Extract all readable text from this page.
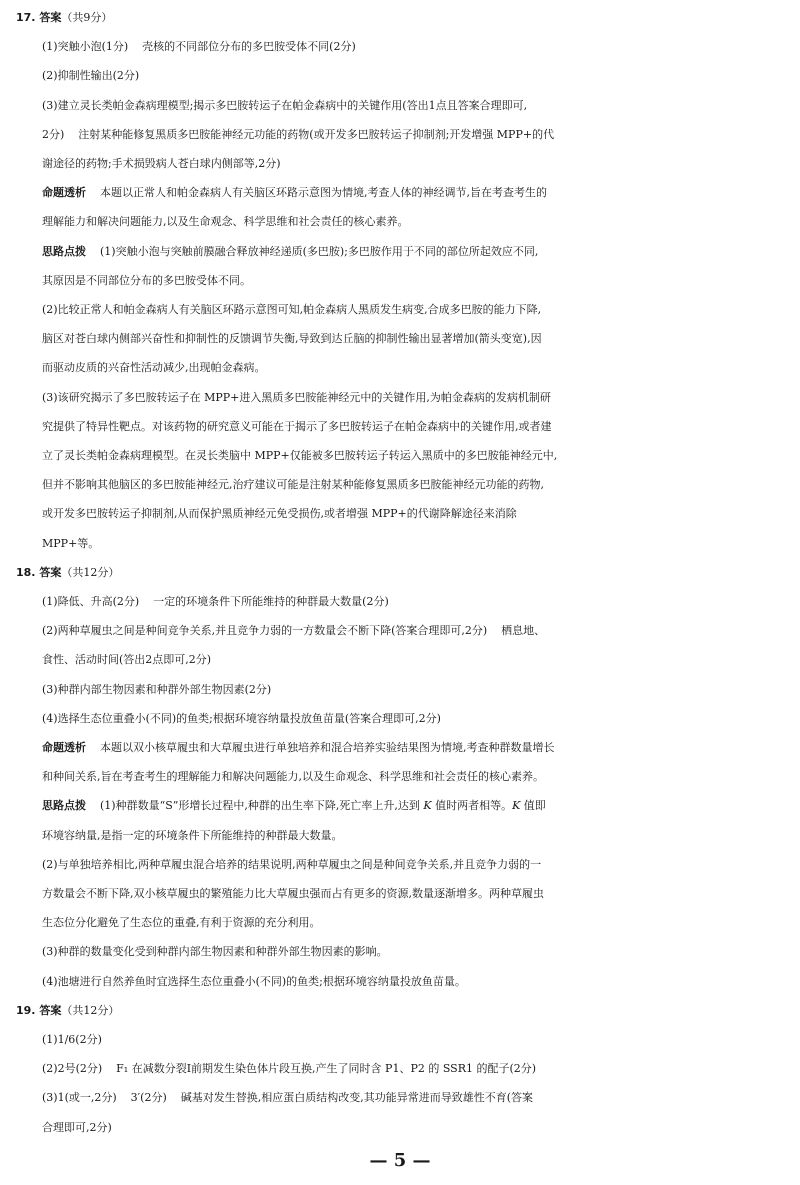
17. 答案（共9分）
(1)突触小泡(1分) 壳核的不同部位分布的多巴胺受体不同(2分)
(2)抑制性输出(2分)
(3)建立灵长类帕金森病理模型;揭示多巴胺转运子在帕金森病中的关键作用(答出1点且答案合理即可,
2分) 注射某种能修复黑质多巴胺能神经元功能的药物(或开发多巴胺转运子抑制剂;开发增强 MPP+的代
谢途径的药物;手术损毁病人苍白球内侧部等,2分)
命题透析 本题以正常人和帕金森病人有关脑区环路示意图为情境,考查人体的神经调节,旨在考查考生的
理解能力和解决问题能力,以及生命观念、科学思维和社会责任的核心素养。
思路点拨 (1)突触小泡与突触前膜融合释放神经递质(多巴胺);多巴胺作用于不同的部位所起效应不同,
其原因是不同部位分布的多巴胺受体不同。
(2)比较正常人和帕金森病人有关脑区环路示意图可知,帕金森病人黑质发生病变,合成多巴胺的能力下降,
脑区对苍白球内侧部兴奋性和抑制性的反馈调节失衡,导致到达丘脑的抑制性输出显著增加(箭头变宽),因
而驱动皮质的兴奋性活动减少,出现帕金森病。
(3)该研究揭示了多巴胺转运子在 MPP+进入黑质多巴胺能神经元中的关键作用,为帕金森病的发病机制研
究提供了特异性靶点。对该药物的研究意义可能在于揭示了多巴胺转运子在帕金森病中的关键作用,或者建
立了灵长类帕金森病理模型。在灵长类脑中 MPP+仅能被多巴胺转运子转运入黑质中的多巴胺能神经元中,
但并不影响其他脑区的多巴胺能神经元,治疗建议可能是注射某种能修复黑质多巴胺能神经元功能的药物,
或开发多巴胺转运子抑制剂,从而保护黑质神经元免受损伤,或者增强 MPP+的代谢降解途径来消除
MPP+等。
18. 答案（共12分）
(1)降低、升高(2分) 一定的环境条件下所能维持的种群最大数量(2分)
(2)两种草履虫之间是种间竞争关系,并且竞争力弱的一方数量会不断下降(答案合理即可,2分) 栖息地、
食性、活动时间(答出2点即可,2分)
(3)种群内部生物因素和种群外部生物因素(2分)
(4)选择生态位重叠小(不同)的鱼类;根据环境容纳量投放鱼苗量(答案合理即可,2分)
命题透析 本题以双小核草履虫和大草履虫进行单独培养和混合培养实验结果图为情境,考查种群数量增长
和种间关系,旨在考查考生的理解能力和解决问题能力,以及生命观念、科学思维和社会责任的核心素养。
思路点拨 (1)种群数量“S”形增长过程中,种群的出生率下降,死亡率上升,达到 K 值时两者相等。K 值即
环境容纳量,是指一定的环境条件下所能维持的种群最大数量。
(2)与单独培养相比,两种草履虫混合培养的结果说明,两种草履虫之间是种间竞争关系,并且竞争力弱的一
方数量会不断下降,双小核草履虫的繁殖能力比大草履虫强而占有更多的资源,数量逐渐增多。两种草履虫
生态位分化避免了生态位的重叠,有利于资源的充分利用。
(3)种群的数量变化受到种群内部生物因素和种群外部生物因素的影响。
(4)池塘进行自然养鱼时宜选择生态位重叠小(不同)的鱼类;根据环境容纳量投放鱼苗量。
19. 答案（共12分）
(1)1/6(2分)
(2)2号(2分) F₁ 在减数分裂Ⅰ前期发生染色体片段互换,产生了同时含 P1、P2 的 SSR1 的配子(2分)
(3)1(或一,2分) 3′(2分) 碱基对发生替换,相应蛋白质结构改变,其功能异常进而导致雄性不育(答案
合理即可,2分)
— 5 —
